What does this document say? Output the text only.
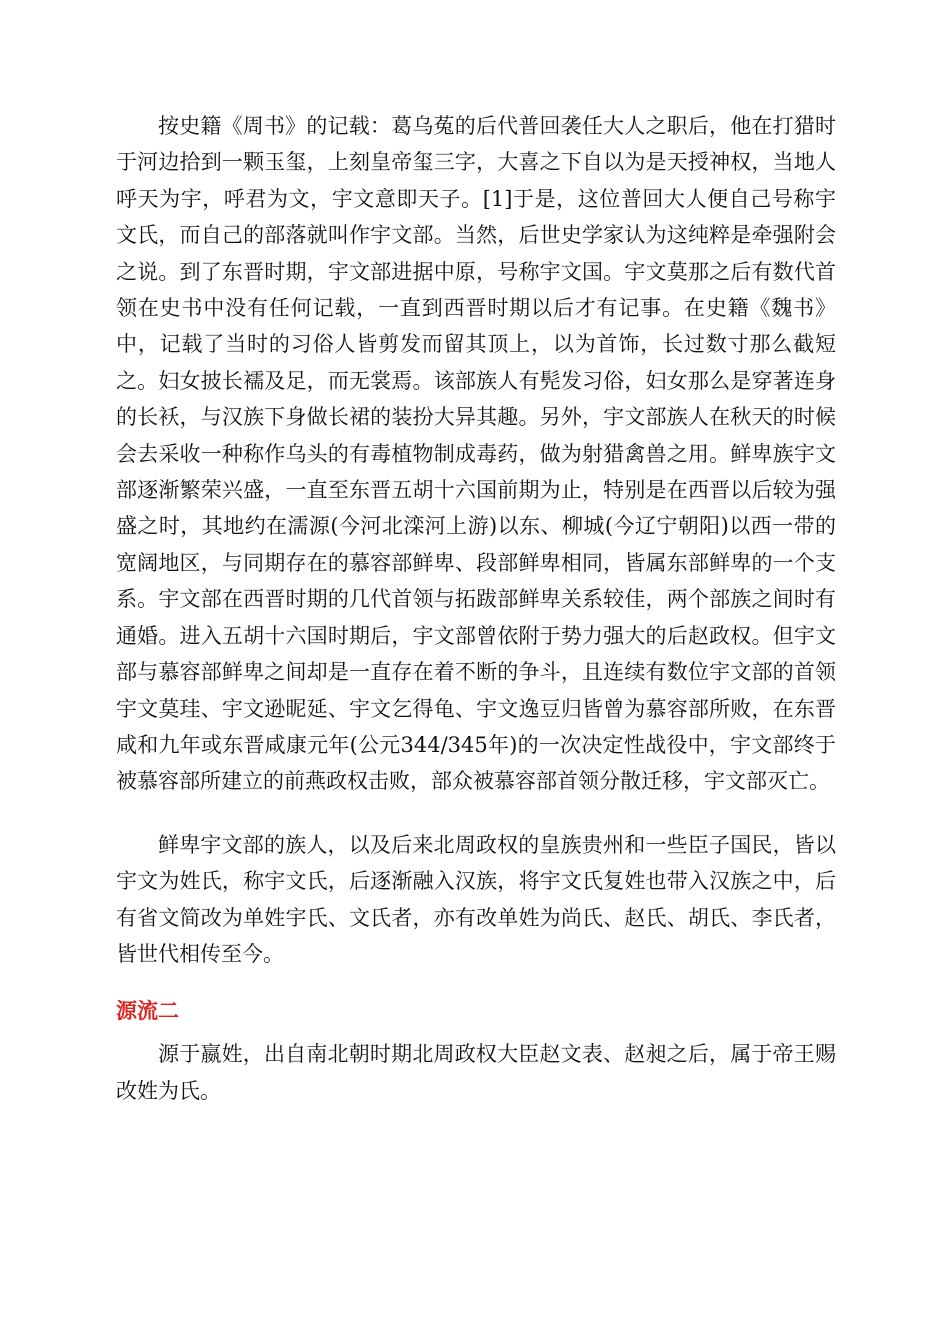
按史籍《周书》的记载：葛乌菟的后代普回袭任大人之职后，他在打猎时于河边拾到一颗玉玺，上刻皇帝玺三字，大喜之下自以为是天授神权，当地人呼天为宇，呼君为文，宇文意即天子。[1]于是，这位普回大人便自己号称宇文氏，而自己的部落就叫作宇文部。当然，后世史学家认为这纯粹是牵强附会之说。到了东晋时期，宇文部进据中原，号称宇文国。宇文莫那之后有数代首领在史书中没有任何记载，一直到西晋时期以后才有记事。在史籍《魏书》中，记载了当时的习俗人皆剪发而留其顶上，以为首饰，长过数寸那么截短之。妇女披长襦及足，而无裳焉。该部族人有髡发习俗，妇女那么是穿著连身的长袄，与汉族下身做长裙的装扮大异其趣。另外，宇文部族人在秋天的时候会去采收一种称作乌头的有毒植物制成毒药，做为射猎禽兽之用。鲜卑族宇文部逐渐繁荣兴盛，一直至东晋五胡十六国前期为止，特别是在西晋以后较为强盛之时，其地约在濡源(今河北滦河上游)以东、柳城(今辽宁朝阳)以西一带的宽阔地区，与同期存在的慕容部鲜卑、段部鲜卑相同，皆属东部鲜卑的一个支系。宇文部在西晋时期的几代首领与拓跋部鲜卑关系较佳，两个部族之间时有通婚。进入五胡十六国时期后，宇文部曾依附于势力强大的后赵政权。但宇文部与慕容部鲜卑之间却是一直存在着不断的争斗，且连续有数位宇文部的首领宇文莫珪、宇文逊昵延、宇文乞得龟、宇文逸豆归皆曾为慕容部所败，在东晋咸和九年或东晋咸康元年(公元344/345年)的一次决定性战役中，宇文部终于被慕容部所建立的前燕政权击败，部众被慕容部首领分散迁移，宇文部灭亡。

鲜卑宇文部的族人，以及后来北周政权的皇族贵州和一些臣子国民，皆以宇文为姓氏，称宇文氏，后逐渐融入汉族，将宇文氏复姓也带入汉族之中，后有省文简改为单姓宇氏、文氏者，亦有改单姓为尚氏、赵氏、胡氏、李氏者，皆世代相传至今。

源流二

源于嬴姓，出自南北朝时期北周政权大臣赵文表、赵昶之后，属于帝王赐改姓为氏。
